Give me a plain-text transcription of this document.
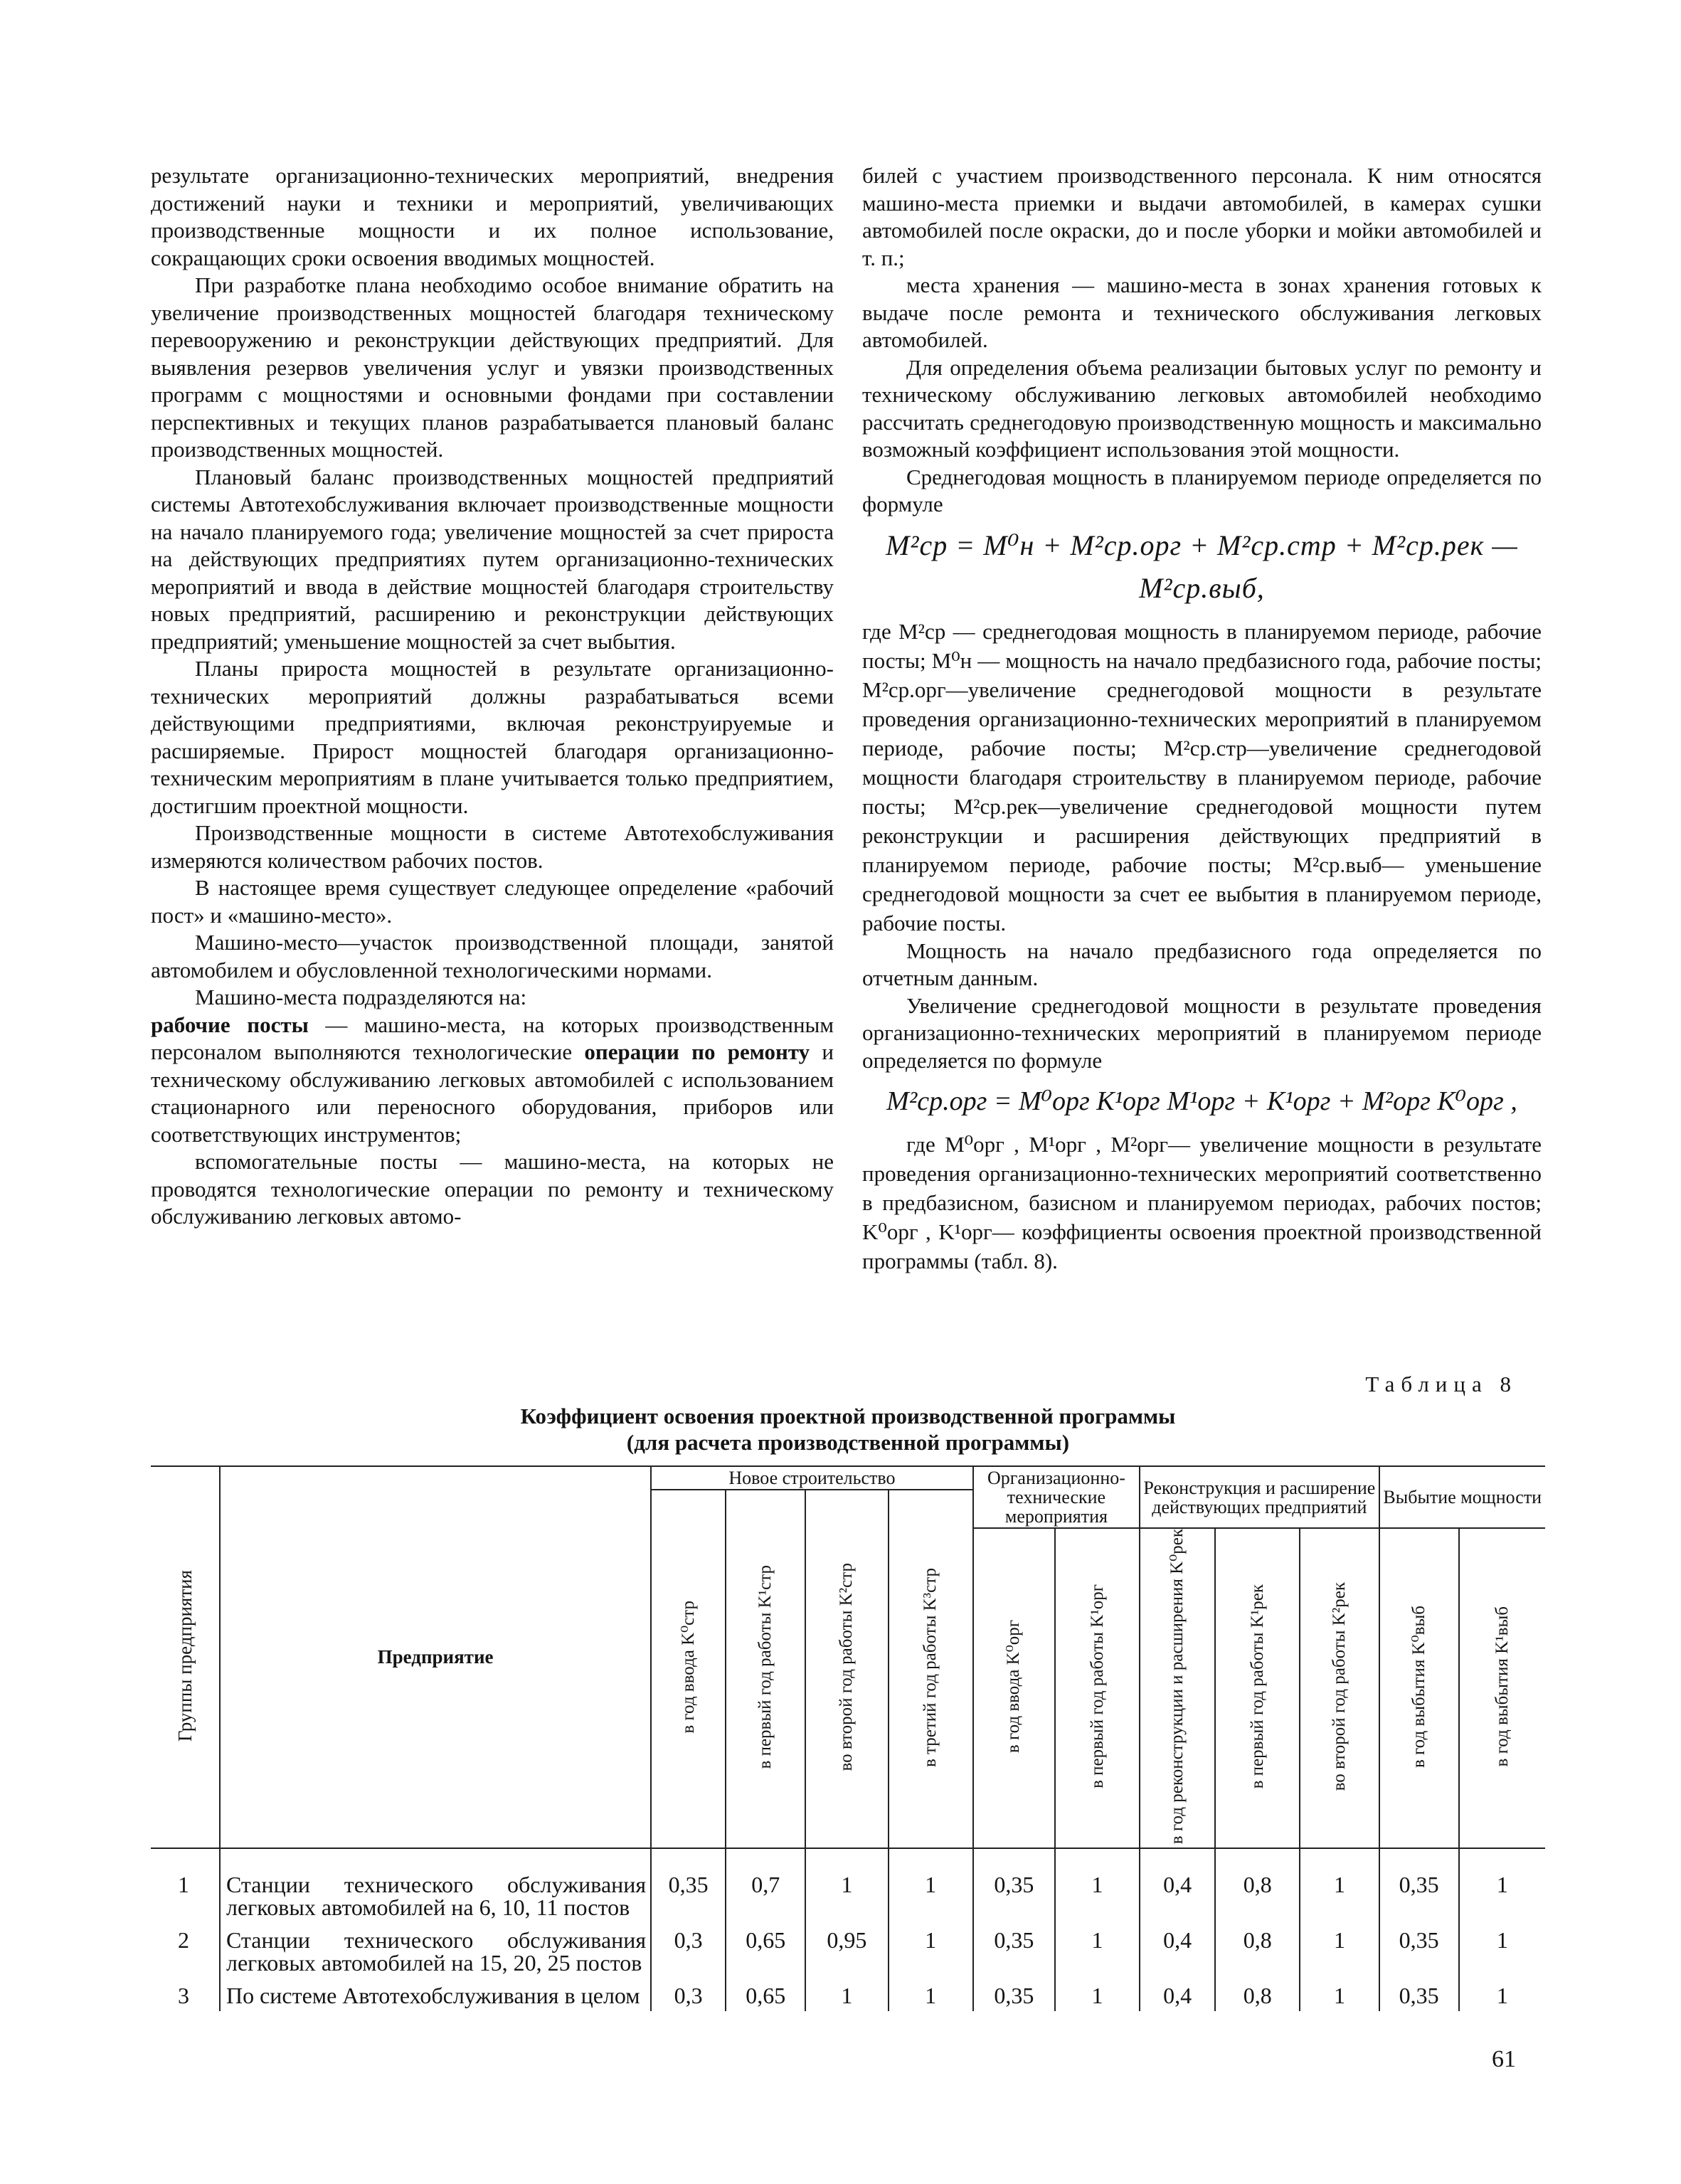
результате организационно-технических мероприятий, внедрения достижений науки и техники и мероприятий, увеличивающих производственные мощности и их полное использование, сокращающих сроки освоения вводимых мощностей.

При разработке плана необходимо особое внимание обратить на увеличение производственных мощностей благодаря техническому перевооружению и реконструкции действующих предприятий. Для выявления резервов увеличения услуг и увязки производственных программ с мощностями и основными фондами при составлении перспективных и текущих планов разрабатывается плановый баланс производственных мощностей.

Плановый баланс производственных мощностей предприятий системы Автотехобслуживания включает производственные мощности на начало планируемого года; увеличение мощностей за счет прироста на действующих предприятиях путем организационно-технических мероприятий и ввода в действие мощностей благодаря строительству новых предприятий, расширению и реконструкции действующих предприятий; уменьшение мощностей за счет выбытия.

Планы прироста мощностей в результате организационно-технических мероприятий должны разрабатываться всеми действующими предприятиями, включая реконструируемые и расширяемые. Прирост мощностей благодаря организационно-техническим мероприятиям в плане учитывается только предприятием, достигшим проектной мощности.

Производственные мощности в системе Автотехобслуживания измеряются количеством рабочих постов.

В настоящее время существует следующее определение «рабочий пост» и «машино-место».

Машино-место—участок производственной площади, занятой автомобилем и обусловленной технологическими нормами.

Машино-места подразделяются на:

рабочие посты — машино-места, на которых производственным персоналом выполняются технологические операции по ремонту и техническому обслуживанию легковых автомобилей с использованием стационарного или переносного оборудования, приборов или соответствующих инструментов;

вспомогательные посты — машино-места, на которых не проводятся технологические операции по ремонту и техническому обслуживанию легковых автомо-

билей с участием производственного персонала. К ним относятся машино-места приемки и выдачи автомобилей, в камерах сушки автомобилей после окраски, до и после уборки и мойки автомобилей и т. п.;

места хранения — машино-места в зонах хранения готовых к выдаче после ремонта и технического обслуживания легковых автомобилей.

Для определения объема реализации бытовых услуг по ремонту и техническому обслуживанию легковых автомобилей необходимо рассчитать среднегодовую производственную мощность и максимально возможный коэффициент использования этой мощности.

Среднегодовая мощность в планируемом периоде определяется по формуле

M²ср = M⁰н + M²ср.орг + M²ср.стр + M²ср.рек — M²ср.выб,

где M²ср — среднегодовая мощность в планируемом периоде, рабочие посты; M⁰н — мощность на начало предбазисного года, рабочие посты; M²ср.орг—увеличение среднегодовой мощности в результате проведения организационно-технических мероприятий в планируемом периоде, рабочие посты; M²ср.стр—увеличение среднегодовой мощности благодаря строительству в планируемом периоде, рабочие посты; M²ср.рек—увеличение среднегодовой мощности путем реконструкции и расширения действующих предприятий в планируемом периоде, рабочие посты; M²ср.выб— уменьшение среднегодовой мощности за счет ее выбытия в планируемом периоде, рабочие посты.

Мощность на начало предбазисного года определяется по отчетным данным.

Увеличение среднегодовой мощности в результате проведения организационно-технических мероприятий в планируемом периоде определяется по формуле

M²ср.орг = M⁰орг K¹орг M¹орг + K¹орг + M²орг K⁰орг ,

где M⁰орг , M¹орг , M²орг— увеличение мощности в результате проведения организационно-технических мероприятий соответственно в предбазисном, базисном и планируемом периодах, рабочих постов; K⁰орг , K¹орг— коэффициенты освоения проектной производственной программы (табл. 8).

Таблица 8
Коэффициент освоения проектной производственной программы
(для расчета производственной программы)
Группы предприятия	Предприятие	Новое строительство				Организационно-технические мероприятия		Реконструкция и расширение действующих предприятий			Выбытие мощности	
		в год ввода K⁰стр	в первый год работы K¹стр	во второй год работы K²стр	в третий год работы K³стр							
						в год ввода K⁰орг	в первый год работы K¹орг	в год реконструкции и расширения K⁰рек	в первый год работы K¹рек	во второй год работы K²рек	в год выбытия K⁰выб	в год выбытия K¹выб
1	Станции технического обслуживания легковых автомобилей на 6, 10, 11 постов	0,35	0,7	1	1	0,35	1	0,4	0,8	1	0,35	1
2	Станции технического обслуживания легковых автомобилей на 15, 20, 25 постов	0,3	0,65	0,95	1	0,35	1	0,4	0,8	1	0,35	1
3	По системе Автотехобслуживания в целом	0,3	0,65	1	1	0,35	1	0,4	0,8	1	0,35	1
61
